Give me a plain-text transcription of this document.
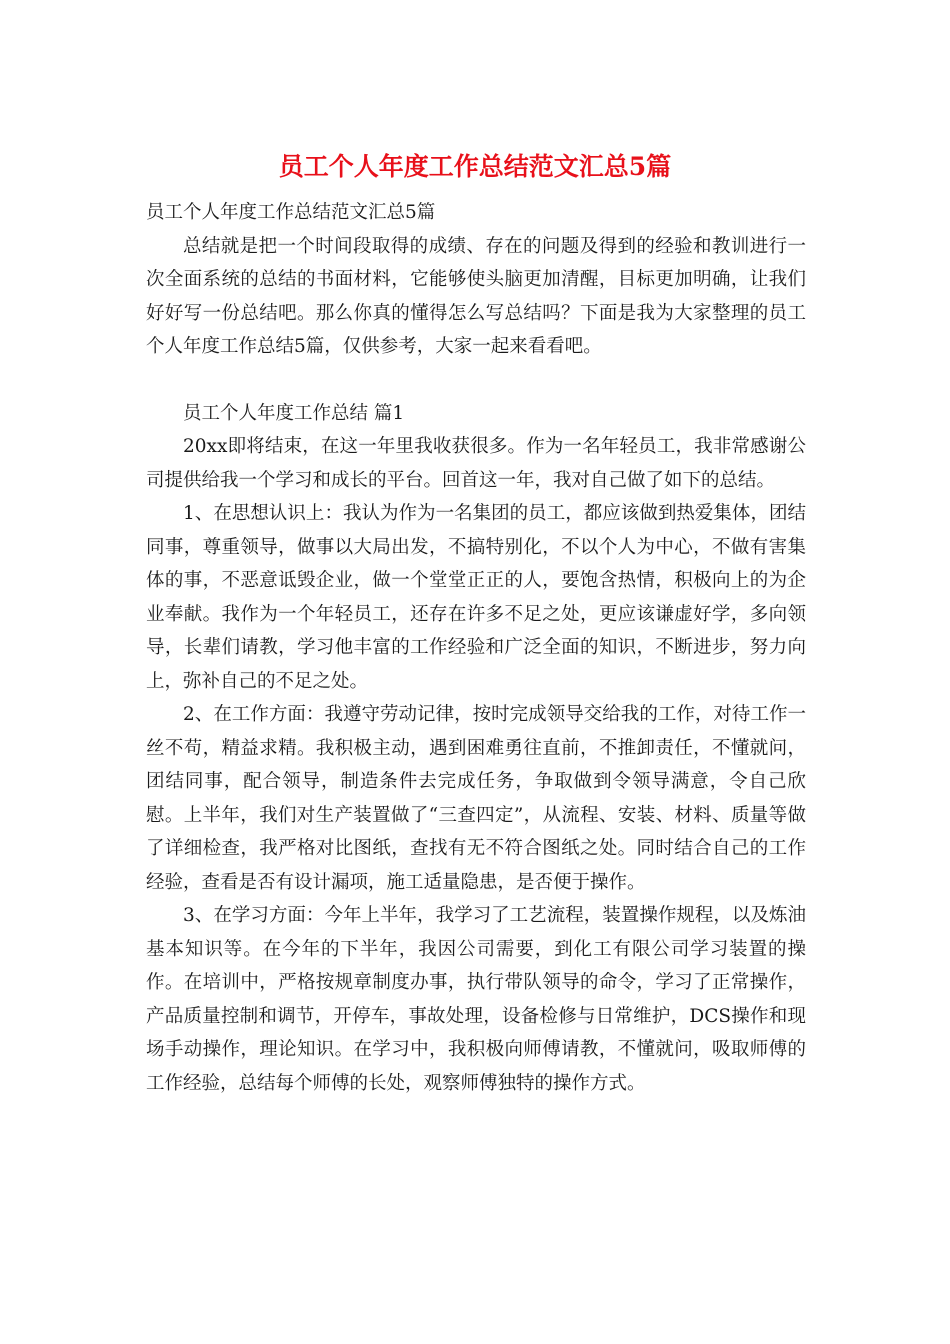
员工个人年度工作总结范文汇总5篇

员工个人年度工作总结范文汇总5篇

总结就是把一个时间段取得的成绩、存在的问题及得到的经验和教训进行一次全面系统的总结的书面材料，它能够使头脑更加清醒，目标更加明确，让我们好好写一份总结吧。那么你真的懂得怎么写总结吗？下面是我为大家整理的员工个人年度工作总结5篇，仅供参考，大家一起来看看吧。

员工个人年度工作总结 篇1

20xx即将结束，在这一年里我收获很多。作为一名年轻员工，我非常感谢公司提供给我一个学习和成长的平台。回首这一年，我对自己做了如下的总结。

1、在思想认识上：我认为作为一名集团的员工，都应该做到热爱集体，团结同事，尊重领导，做事以大局出发，不搞特别化，不以个人为中心，不做有害集体的事，不恶意诋毁企业，做一个堂堂正正的人，要饱含热情，积极向上的为企业奉献。我作为一个年轻员工，还存在许多不足之处，更应该谦虚好学，多向领导，长辈们请教，学习他丰富的工作经验和广泛全面的知识，不断进步，努力向上，弥补自己的不足之处。

2、在工作方面：我遵守劳动记律，按时完成领导交给我的工作，对待工作一丝不苟，精益求精。我积极主动，遇到困难勇往直前，不推卸责任，不懂就问，团结同事，配合领导，制造条件去完成任务，争取做到令领导满意，令自己欣慰。上半年，我们对生产装置做了“三查四定”，从流程、安装、材料、质量等做了详细检查，我严格对比图纸，查找有无不符合图纸之处。同时结合自己的工作经验，查看是否有设计漏项，施工适量隐患，是否便于操作。

3、在学习方面：今年上半年，我学习了工艺流程，装置操作规程，以及炼油基本知识等。在今年的下半年，我因公司需要，到化工有限公司学习装置的操作。在培训中，严格按规章制度办事，执行带队领导的命令，学习了正常操作，产品质量控制和调节，开停车，事故处理，设备检修与日常维护，DCS操作和现场手动操作，理论知识。在学习中，我积极向师傅请教，不懂就问，吸取师傅的工作经验，总结每个师傅的长处，观察师傅独特的操作方式。
